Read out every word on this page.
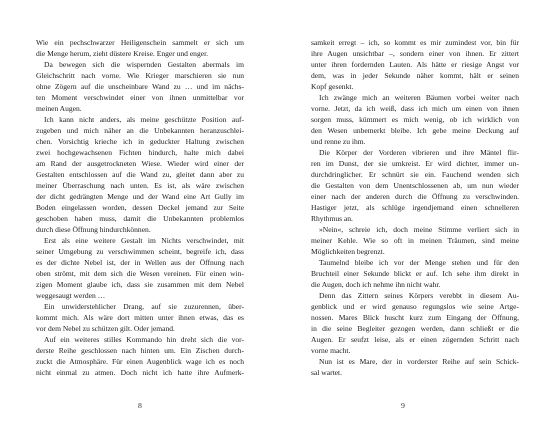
Wie ein pechschwarzer Heiligenschein sammelt er sich um
die Menge herum, zieht düstere Kreise. Enger und enger.
Da bewegen sich die wispernden Gestalten abermals im
Gleichschritt nach vorne. Wie Krieger marschieren sie nun
ohne Zögern auf die unscheinbare Wand zu … und im nächs-
ten Moment verschwindet einer von ihnen unmittelbar vor
meinen Augen.
Ich kann nicht anders, als meine geschützte Position auf-
zugeben und mich näher an die Unbekannten heranzuschlei-
chen. Vorsichtig krieche ich in geduckter Haltung zwischen
zwei hochgewachsenen Fichten hindurch, halte mich dabei
am Rand der ausgetrockneten Wiese. Wieder wird einer der
Gestalten entschlossen auf die Wand zu, gleitet dann aber zu
meiner Überraschung nach unten. Es ist, als wäre zwischen
der dicht gedrängten Menge und der Wand eine Art Gully im
Boden eingelassen worden, dessen Deckel jemand zur Seite
geschoben haben muss, damit die Unbekannten problemlos
durch diese Öffnung hindurchkönnen.
Erst als eine weitere Gestalt im Nichts verschwindet, mit
seiner Umgebung zu verschwimmen scheint, begreife ich, dass
es der dichte Nebel ist, der in Wellen aus der Öffnung nach
oben strömt, mit dem sich die Wesen vereinen. Für einen win-
zigen Moment glaube ich, dass sie zusammen mit dem Nebel
weggesaugt werden …
Ein unwiderstehlicher Drang, auf sie zuzurennen, über-
kommt mich. Als wäre dort mitten unter ihnen etwas, das es
vor dem Nebel zu schützen gilt. Oder jemand.
Auf ein weiteres stilles Kommando hin dreht sich die vor-
derste Reihe geschlossen nach hinten um. Ein Zischen durch-
zuckt die Atmosphäre. Für einen Augenblick wage ich es noch
nicht einmal zu atmen. Doch nicht ich hatte ihre Aufmerk-
8
samkeit erregt – ich, so kommt es mir zumindest vor, bin für
ihre Augen unsichtbar –, sondern einer von ihnen. Er zittert
unter ihren fordernden Lauten. Als hätte er riesige Angst vor
dem, was in jeder Sekunde näher kommt, hält er seinen
Kopf gesenkt.
Ich zwänge mich an weiteren Bäumen vorbei weiter nach
vorne. Jetzt, da ich weiß, dass ich mich um einen von ihnen
sorgen muss, kümmert es mich wenig, ob ich wirklich von
den Wesen unbemerkt bleibe. Ich gebe meine Deckung auf
und renne zu ihm.
Die Körper der Vorderen vibrieren und ihre Mäntel flir-
ren im Dunst, der sie umkreist. Er wird dichter, immer un-
durchdringlicher. Er schnürt sie ein. Fauchend wenden sich
die Gestalten von dem Unentschlossenen ab, um nun wieder
einer nach der anderen durch die Öffnung zu verschwinden.
Hastiger jetzt, als schlüge irgendjemand einen schnelleren
Rhythmus an.
»Nein«, schreie ich, doch meine Stimme verliert sich in
meiner Kehle. Wie so oft in meinen Träumen, sind meine
Möglichkeiten begrenzt.
Taumelnd bleibe ich vor der Menge stehen und für den
Bruchteil einer Sekunde blickt er auf. Ich sehe ihm direkt in
die Augen, doch ich nehme ihn nicht wahr.
Denn das Zittern seines Körpers verebbt in diesem Au-
genblick und er wird genauso regungslos wie seine Artge-
nossen. Mares Blick huscht kurz zum Eingang der Öffnung,
in die seine Begleiter gezogen werden, dann schließt er die
Augen. Er seufzt leise, als er einen zögernden Schritt nach
vorne macht.
Nun ist es Mare, der in vorderster Reihe auf sein Schick-
sal wartet.
9
